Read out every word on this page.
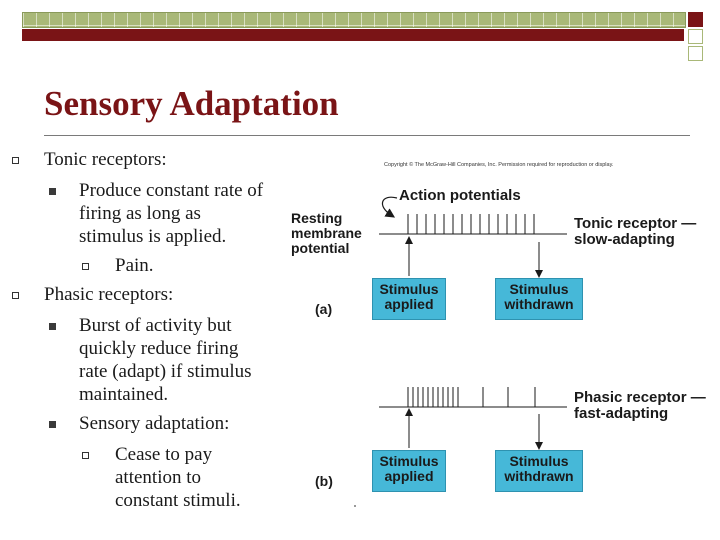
Sensory Adaptation
Tonic receptors:
Produce constant rate of
firing as long as
stimulus is applied.
Pain.
Phasic receptors:
Burst of activity but
quickly reduce firing
rate (adapt) if stimulus
maintained.
Sensory adaptation:
Cease to pay
attention to
constant stimuli.
Copyright © The McGraw-Hill Companies, Inc. Permission required for reproduction or display.
Action potentials
Resting
membrane
potential
Tonic receptor —
slow-adapting
Phasic receptor —
fast-adapting
(a)
(b)
Stimulus
applied
Stimulus
withdrawn
Stimulus
applied
Stimulus
withdrawn
